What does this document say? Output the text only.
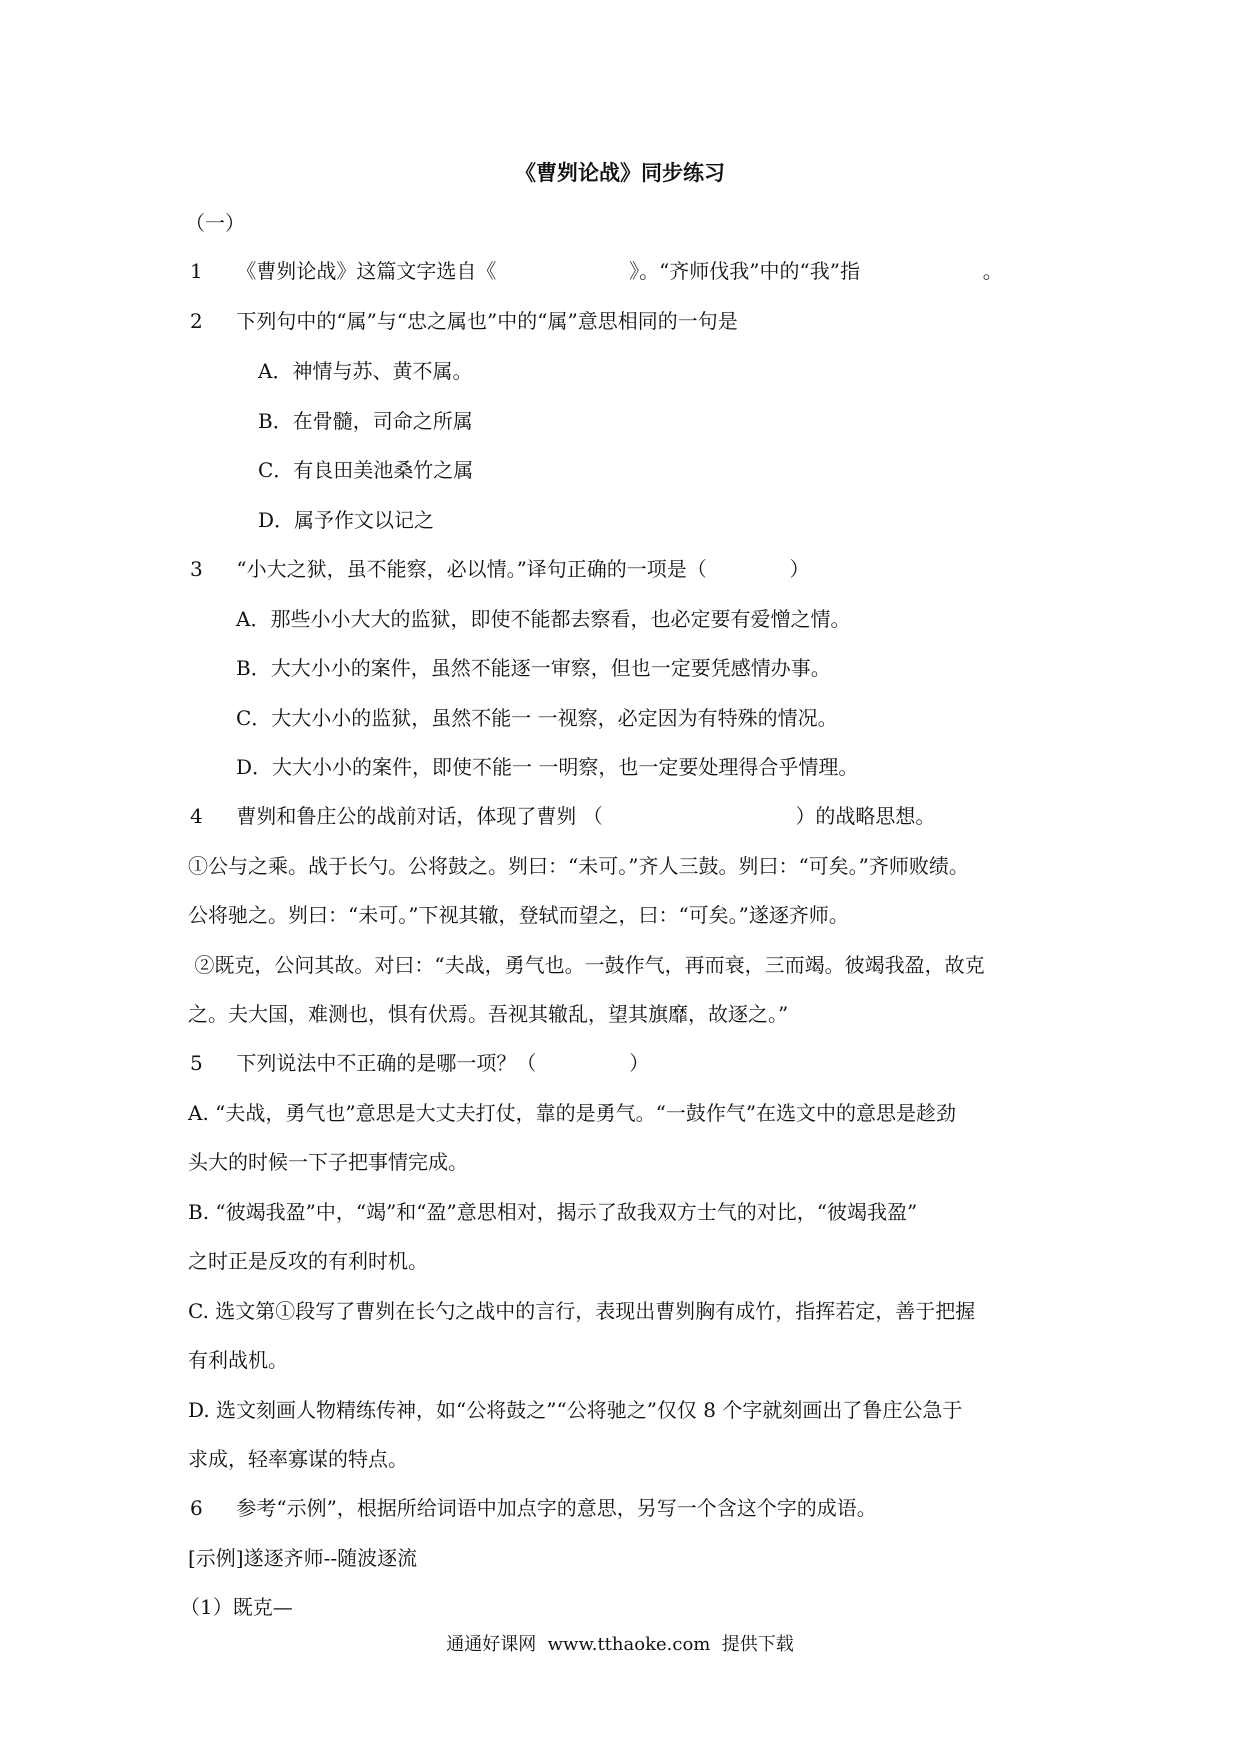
《曹刿论战》同步练习
（一）
1 《曹刿论战》这篇文字选自《	》。“齐师伐我”中的“我”指	。
2 下列句中的“属”与“忠之属也”中的“属”意思相同的一句是
A．神情与苏、黄不属。
B．在骨髓，司命之所属
C．有良田美池桑竹之属
D．属予作文以记之
3 “小大之狱，虽不能察，必以情。”译句正确的一项是（	）
A．那些小小大大的监狱，即使不能都去察看，也必定要有爱憎之情。
B．大大小小的案件，虽然不能逐一审察，但也一定要凭感情办事。
C．大大小小的监狱，虽然不能一 一视察，必定因为有特殊的情况。
D．大大小小的案件，即使不能一 一明察，也一定要处理得合乎情理。
4 曹刿和鲁庄公的战前对话，体现了曹刿 （	）的战略思想。
①公与之乘。战于长勺。公将鼓之。刿曰：“未可。”齐人三鼓。刿曰：“可矣。”齐师败绩。
公将驰之。刿曰：“未可。”下视其辙，登轼而望之，曰：“可矣。”遂逐齐师。
②既克，公问其故。对曰：“夫战，勇气也。一鼓作气，再而衰，三而竭。彼竭我盈，故克
之。夫大国，难测也，惧有伏焉。吾视其辙乱，望其旗靡，故逐之。”
5 下列说法中不正确的是哪一项？（	）
A. “夫战，勇气也”意思是大丈夫打仗，靠的是勇气。“一鼓作气”在选文中的意思是趁劲
头大的时候一下子把事情完成。
B. “彼竭我盈”中，“竭”和“盈”意思相对，揭示了敌我双方士气的对比，“彼竭我盈”
之时正是反攻的有利时机。
C. 选文第①段写了曹刿在长勺之战中的言行，表现出曹刿胸有成竹，指挥若定，善于把握
有利战机。
D. 选文刻画人物精练传神，如“公将鼓之”“公将驰之”仅仅 8 个字就刻画出了鲁庄公急于
求成，轻率寡谋的特点。
6 参考“示例”，根据所给词语中加点字的意思，另写一个含这个字的成语。
[示例]遂逐齐师--随波逐流
（1）既克—
通通好课网  www.tthaoke.com  提供下载
